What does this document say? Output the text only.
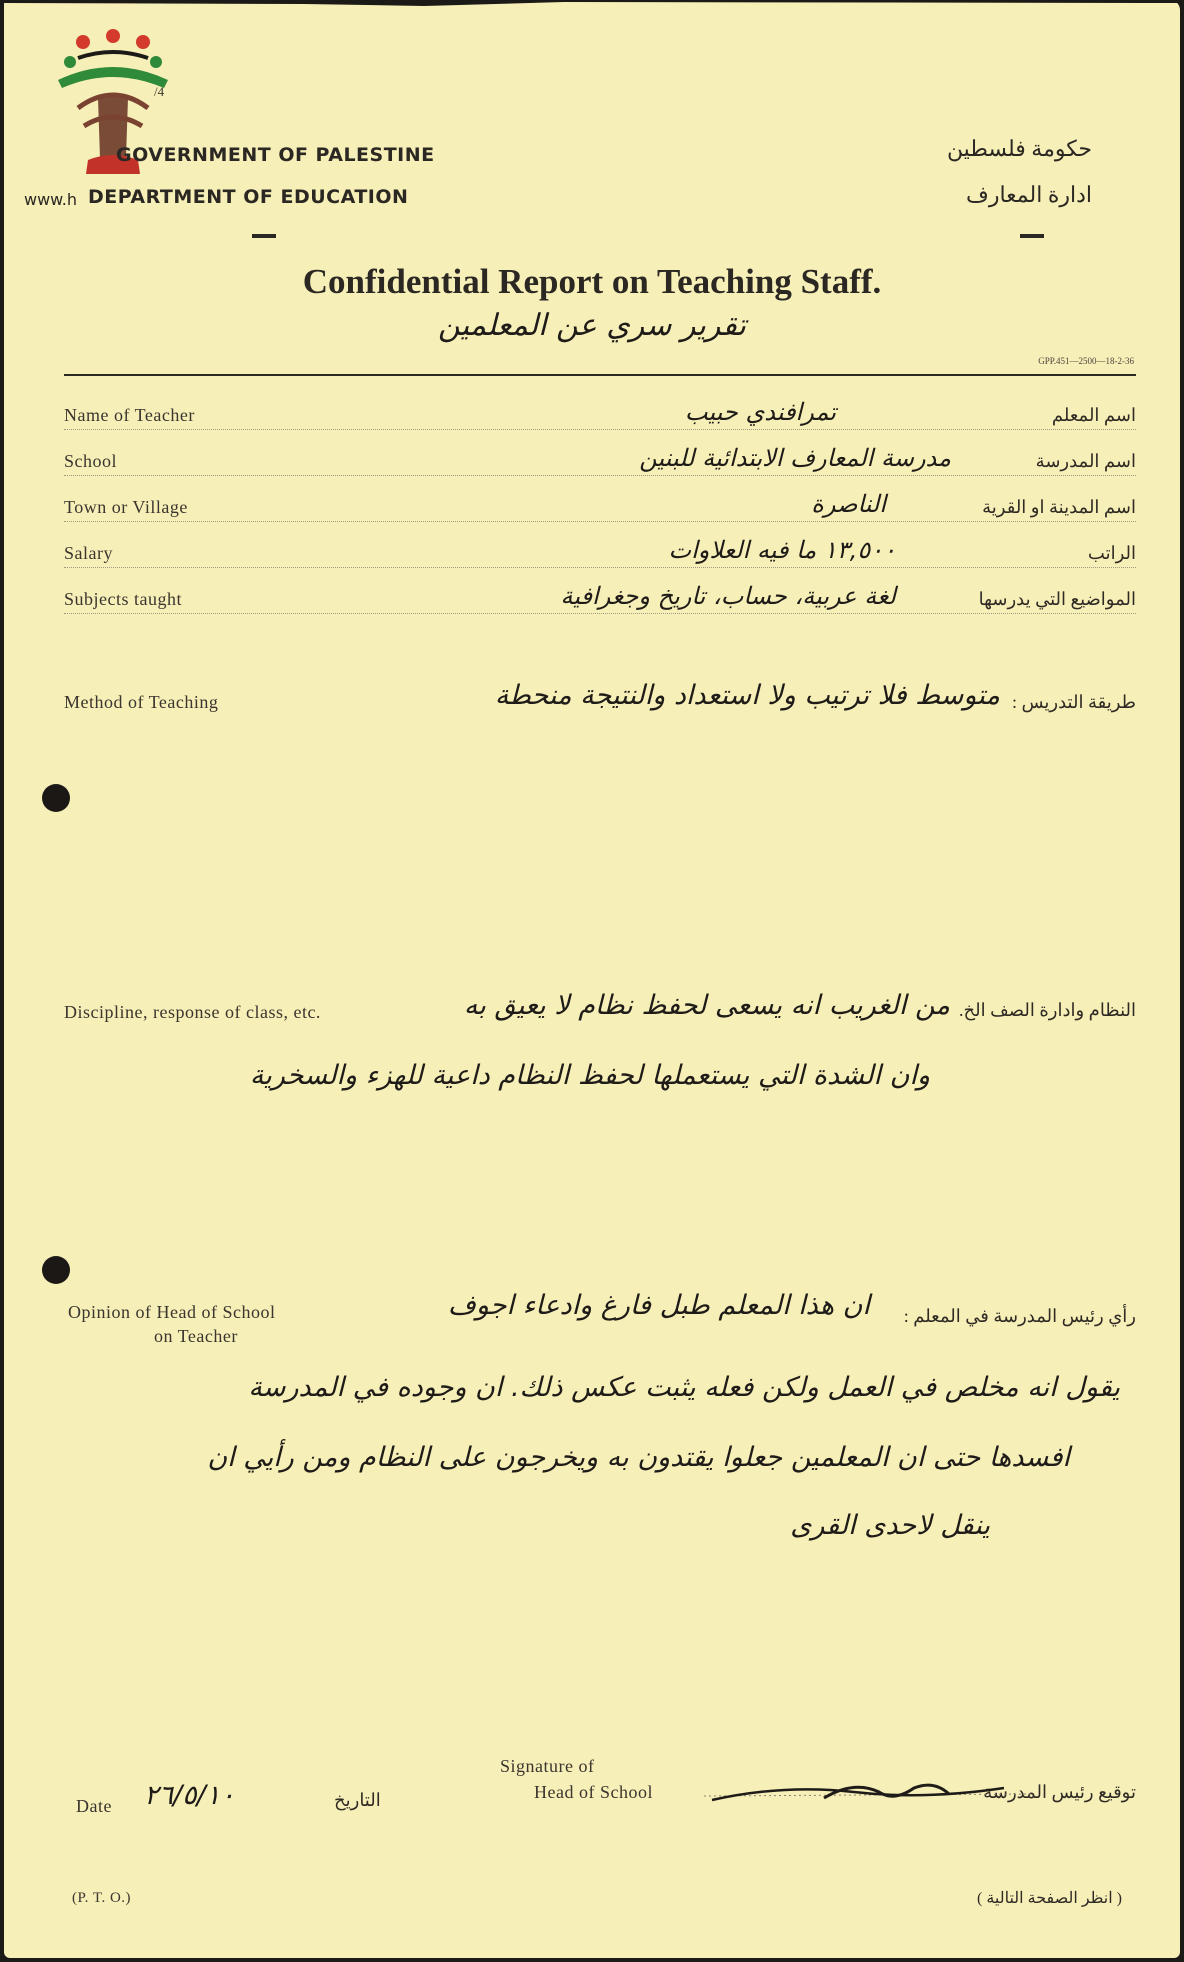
/4
www.h
GOVERNMENT OF PALESTINE
DEPARTMENT OF EDUCATION
حكومة فلسطين
ادارة المعارف
Confidential Report on Teaching Staff.
تقرير سري عن المعلمين
GPP.451—2500—18-2-36
Name of Teacher	اسم المعلم
تمرافندي حبيب
School	اسم المدرسة
مدرسة المعارف الابتدائية للبنين
Town or Village	اسم المدينة او القرية
الناصرة
Salary	الراتب
١٣,٥٠٠ ما فيه العلاوات
Subjects taught	المواضيع التي يدرسها
لغة عربية، حساب، تاريخ وجغرافية
Method of Teaching	طريقة التدريس :
متوسط فلا ترتيب ولا استعداد والنتيجة منحطة
Discipline, response of class, etc.	النظام وادارة الصف الخ.
من الغريب انه يسعى لحفظ نظام لا يعيق به
وان الشدة التي يستعملها لحفظ النظام داعية للهزء والسخرية
Opinion of Head of School
on Teacher
رأي رئيس المدرسة في المعلم :
ان هذا المعلم طبل فارغ وادعاء اجوف
يقول انه مخلص في العمل ولكن فعله يثبت عكس ذلك. ان وجوده في المدرسة
افسدها حتى ان المعلمين جعلوا يقتدون به ويخرجون على النظام ومن رأيي ان
ينقل لاحدى القرى
Date ٢٦/٥/١٠	التاريخ
Signature of
Head of School	توقيع رئيس المدرسة
(P. T. O.)	( انظر الصفحة التالية )
